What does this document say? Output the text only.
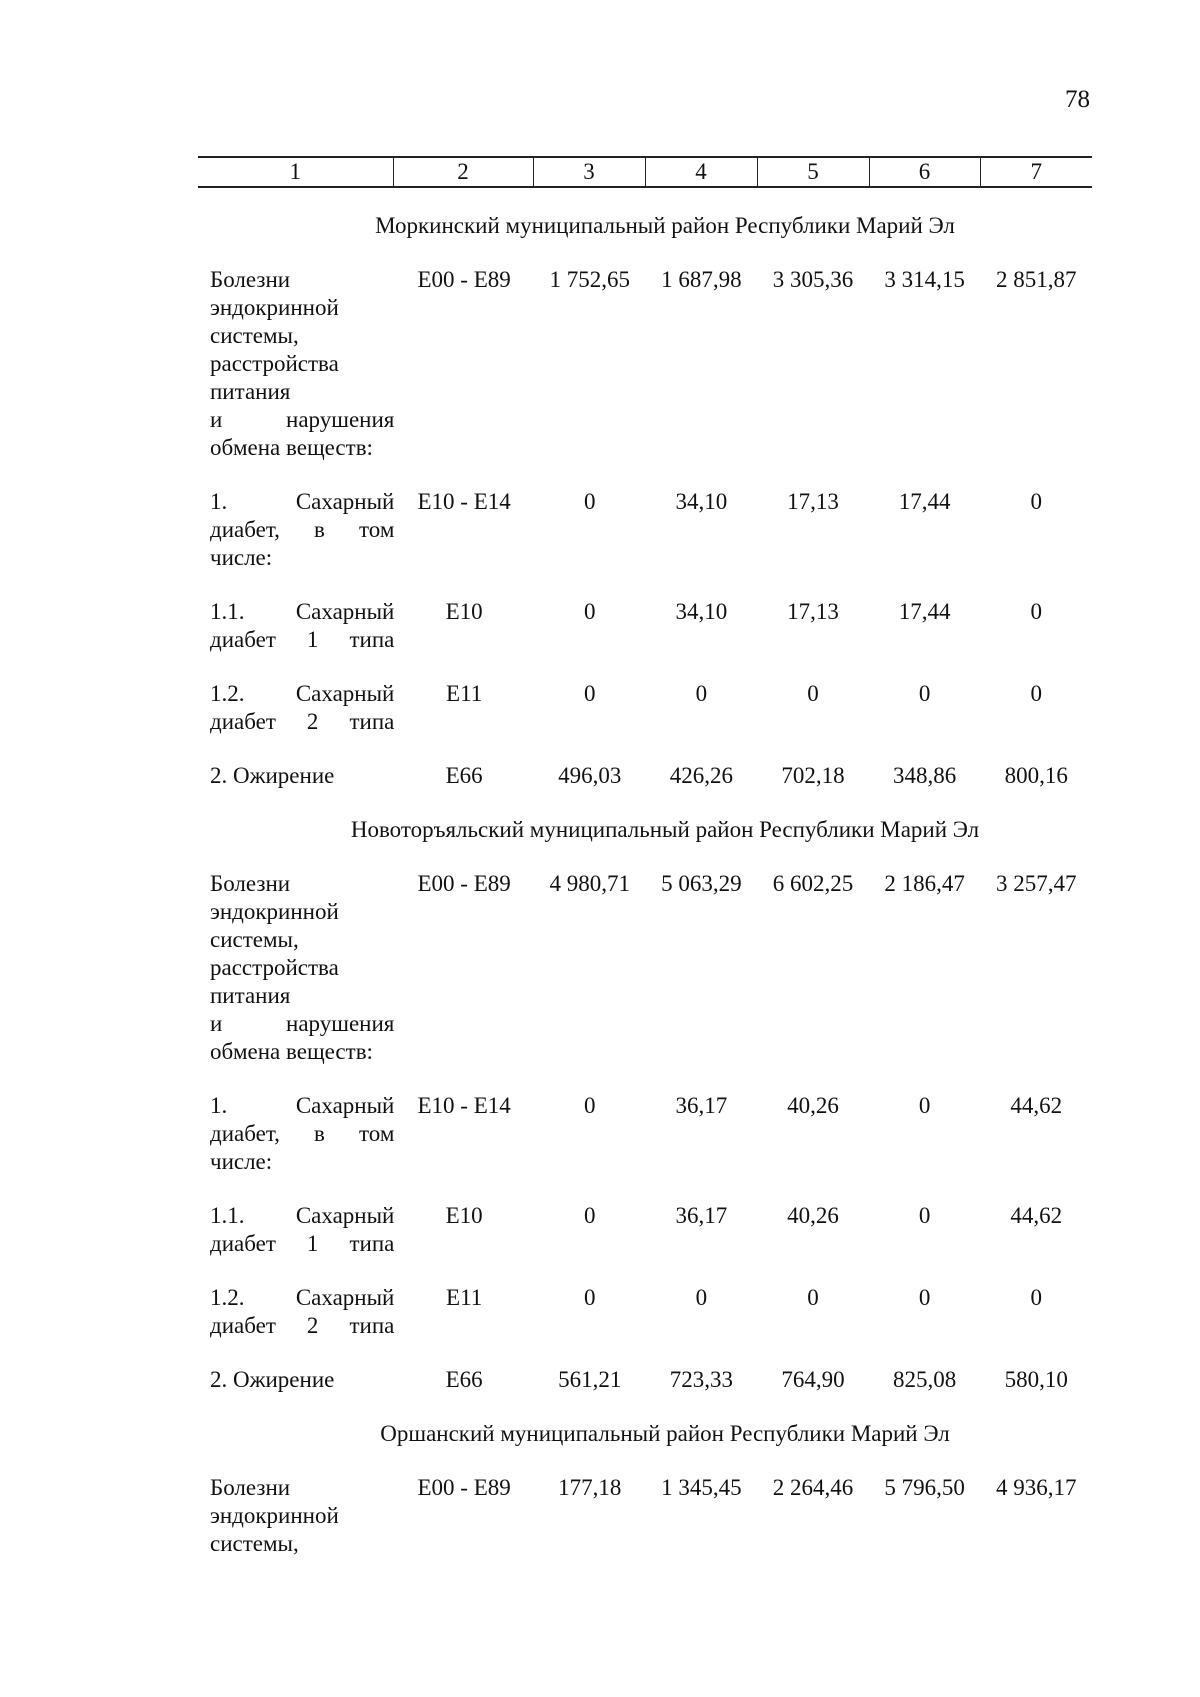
78
1	2	3	4	5	6	7
Моркинский муниципальный район Республики Марий Эл
Болезни
эндокринной
системы,
расстройства
питания
и нарушения
обмена веществ:
E00 - E89	1 752,65	1 687,98	3 305,36	3 314,15	2 851,87
1. Сахарный
диабет, в том
числе:
E10 - E14	0	34,10	17,13	17,44	0
1.1. Сахарный
диабет 1 типа
E10	0	34,10	17,13	17,44	0
1.2. Сахарный
диабет 2 типа
E11	0	0	0	0	0
2. Ожирение	E66	496,03	426,26	702,18	348,86	800,16
Новоторъяльский муниципальный район Республики Марий Эл
Болезни
эндокринной
системы,
расстройства
питания
и нарушения
обмена веществ:
E00 - E89	4 980,71	5 063,29	6 602,25	2 186,47	3 257,47
1. Сахарный
диабет, в том
числе:
E10 - E14	0	36,17	40,26	0	44,62
1.1. Сахарный
диабет 1 типа
E10	0	36,17	40,26	0	44,62
1.2. Сахарный
диабет 2 типа
E11	0	0	0	0	0
2. Ожирение	E66	561,21	723,33	764,90	825,08	580,10
Оршанский муниципальный район Республики Марий Эл
Болезни
эндокринной
системы,
E00 - E89	177,18	1 345,45	2 264,46	5 796,50	4 936,17
